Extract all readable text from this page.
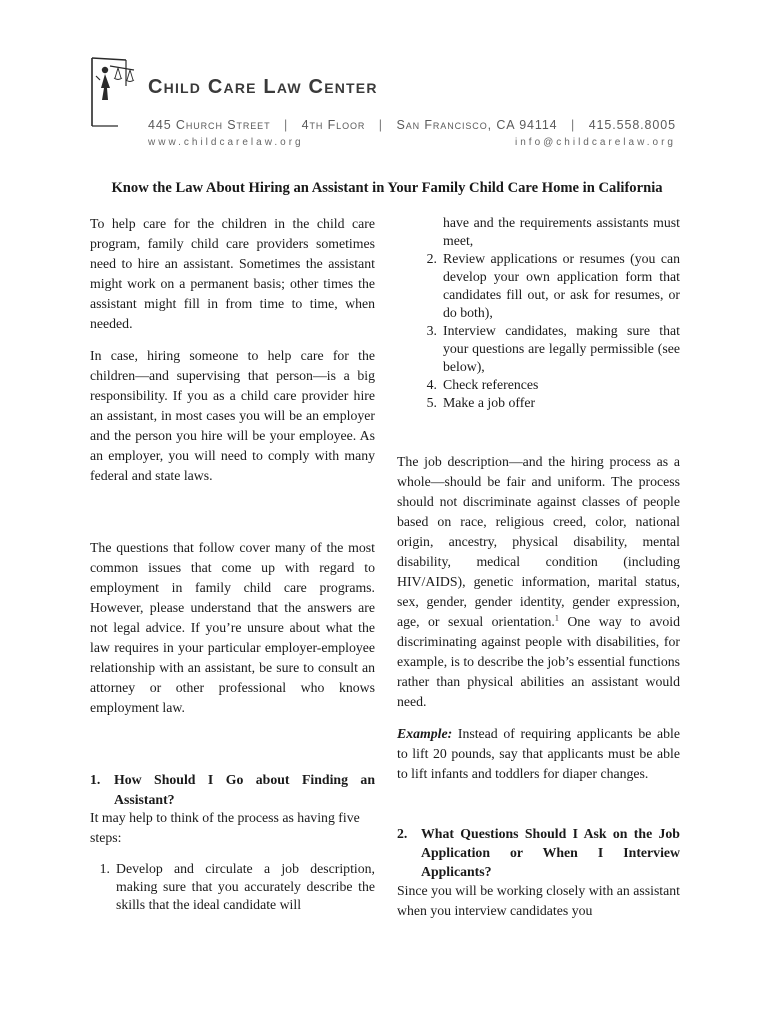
Child Care Law Center
445 Church Street | 4th Floor | San Francisco, CA 94114 | 415.558.8005
www.childcarelaw.org	info@childcarelaw.org
Know the Law About Hiring an Assistant in Your Family Child Care Home in California

To help care for the children in the child care program, family child care providers sometimes need to hire an assistant. Sometimes the assistant might work on a permanent basis; other times the assistant might fill in from time to time, when needed.

In case, hiring someone to help care for the children—and supervising that person—is a big responsibility. If you as a child care provider hire an assistant, in most cases you will be an employer and the person you hire will be your employee. As an employer, you will need to comply with many federal and state laws.

The questions that follow cover many of the most common issues that come up with regard to employment in family child care programs. However, please understand that the answers are not legal advice. If you’re unsure about what the law requires in your particular employer-employee relationship with an assistant, be sure to consult an attorney or other professional who knows employment law.

1. How Should I Go about Finding an Assistant?

It may help to think of the process as having five steps:

1. Develop and circulate a job description, making sure that you accurately describe the skills that the ideal candidate will
have and the requirements assistants must meet,
2. Review applications or resumes (you can develop your own application form that candidates fill out, or ask for resumes, or do both),
3. Interview candidates, making sure that your questions are legally permissible (see below),
4. Check references
5. Make a job offer

The job description—and the hiring process as a whole—should be fair and uniform. The process should not discriminate against classes of people based on race, religious creed, color, national origin, ancestry, physical disability, mental disability, medical condition (including HIV/AIDS), genetic information, marital status, sex, gender, gender identity, gender expression, age, or sexual orientation.$^1$ One way to avoid discriminating against people with disabilities, for example, is to describe the job’s essential functions rather than physical abilities an assistant would need.

Example: Instead of requiring applicants be able to lift 20 pounds, say that applicants must be able to lift infants and toddlers for diaper changes.

2. What Questions Should I Ask on the Job Application or When I Interview Applicants?

Since you will be working closely with an assistant when you interview candidates you
